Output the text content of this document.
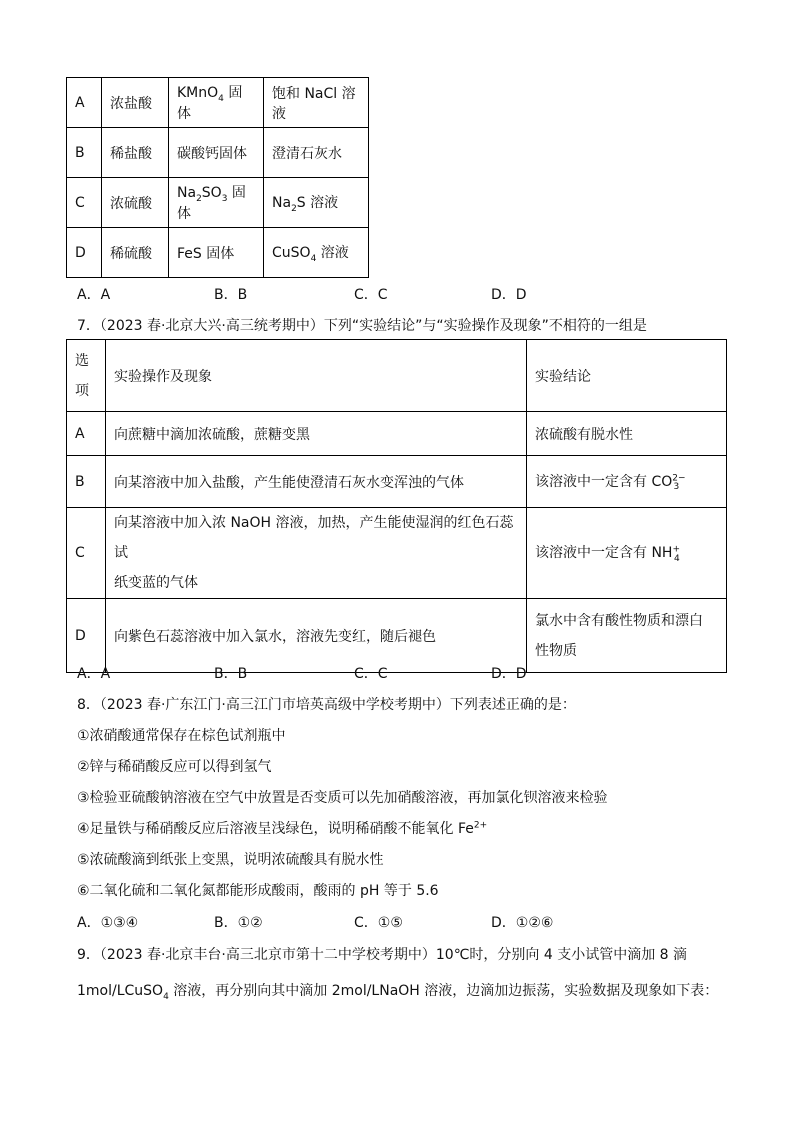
A	浓盐酸	KMnO$_4$ 固体	饱和 NaCl 溶液
B	稀盐酸	碳酸钙固体	澄清石灰水
C	浓硫酸	$Na_2SO_3$ 固体	$Na_2S$ 溶液
D	稀硫酸	FeS 固体	CuSO$_4$ 溶液
A．A	B．B	C．C	D．D
7．（2023 春·北京大兴·高三统考期中）下列“实验结论”与“实验操作及现象”不相符的一组是
选
项	实验操作及现象	实验结论
A	向蔗糖中滴加浓硫酸，蔗糖变黑	浓硫酸有脱水性
B	向某溶液中加入盐酸，产生能使澄清石灰水变浑浊的气体	该溶液中一定含有 $CO^{2-}_3$
C	向某溶液中加入浓 NaOH 溶液，加热，产生能使湿润的红色石蕊试
纸变蓝的气体	该溶液中一定含有 $NH^+_4$
D	向紫色石蕊溶液中加入氯水，溶液先变红，随后褪色	氯水中含有酸性物质和漂白
性物质
A．A	B．B	C．C	D．D
8．（2023 春·广东江门·高三江门市培英高级中学校考期中）下列表述正确的是：
①浓硝酸通常保存在棕色试剂瓶中
②锌与稀硝酸反应可以得到氢气
③检验亚硫酸钠溶液在空气中放置是否变质可以先加硝酸溶液，再加氯化钡溶液来检验
④足量铁与稀硝酸反应后溶液呈浅绿色，说明稀硝酸不能氧化 $Fe^{2+}$
⑤浓硫酸滴到纸张上变黑，说明浓硫酸具有脱水性
⑥二氧化硫和二氧化氮都能形成酸雨，酸雨的 pH 等于 5.6
A．①③④	B．①②	C．①⑤	D．①②⑥
9．（2023 春·北京丰台·高三北京市第十二中学校考期中）10℃时，分别向 4 支小试管中滴加 8 滴
1mol/LCuSO$_4$ 溶液，再分别向其中滴加 2mol/LNaOH 溶液，边滴加边振荡，实验数据及现象如下表：
